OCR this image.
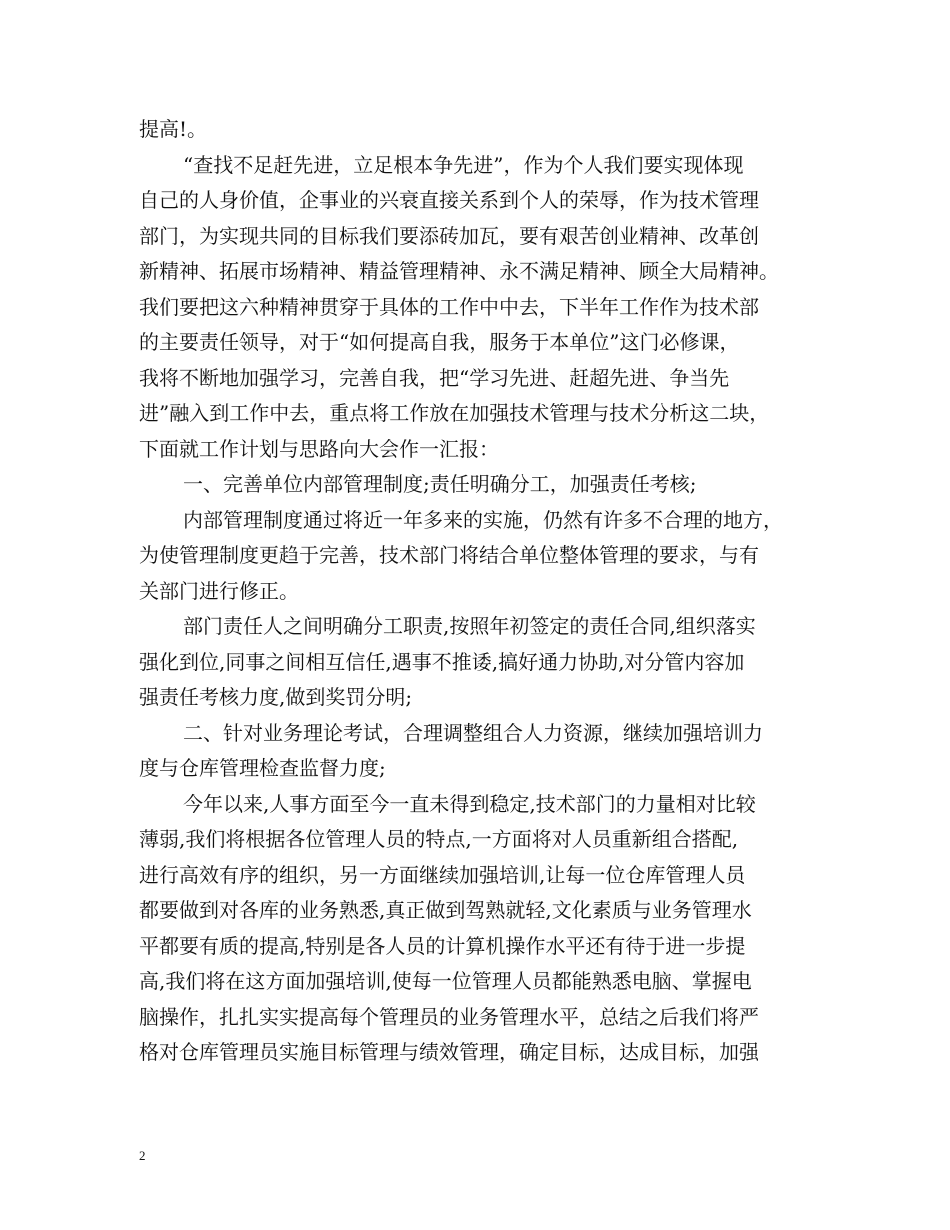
提高!。
“查找不足赶先进，立足根本争先进”，作为个人我们要实现体现
自己的人身价值，企事业的兴衰直接关系到个人的荣辱，作为技术管理
部门，为实现共同的目标我们要添砖加瓦，要有艰苦创业精神、改革创
新精神、拓展市场精神、精益管理精神、永不满足精神、顾全大局精神。
我们要把这六种精神贯穿于具体的工作中中去，下半年工作作为技术部
的主要责任领导，对于“如何提高自我，服务于本单位”这门必修课，
我将不断地加强学习，完善自我，把“学习先进、赶超先进、争当先
进”融入到工作中去，重点将工作放在加强技术管理与技术分析这二块，
下面就工作计划与思路向大会作一汇报：
一、完善单位内部管理制度;责任明确分工，加强责任考核;
内部管理制度通过将近一年多来的实施，仍然有许多不合理的地方，
为使管理制度更趋于完善，技术部门将结合单位整体管理的要求，与有
关部门进行修正。
部门责任人之间明确分工职责,按照年初签定的责任合同,组织落实
强化到位,同事之间相互信任,遇事不推诿,搞好通力协助,对分管内容加
强责任考核力度,做到奖罚分明;
二、针对业务理论考试，合理调整组合人力资源，继续加强培训力
度与仓库管理检查监督力度;
今年以来,人事方面至今一直未得到稳定,技术部门的力量相对比较
薄弱,我们将根据各位管理人员的特点,一方面将对人员重新组合搭配,
进行高效有序的组织，另一方面继续加强培训,让每一位仓库管理人员
都要做到对各库的业务熟悉,真正做到驾熟就轻,文化素质与业务管理水
平都要有质的提高,特别是各人员的计算机操作水平还有待于进一步提
高,我们将在这方面加强培训,使每一位管理人员都能熟悉电脑、掌握电
脑操作，扎扎实实提高每个管理员的业务管理水平，总结之后我们将严
格对仓库管理员实施目标管理与绩效管理，确定目标，达成目标，加强
2
